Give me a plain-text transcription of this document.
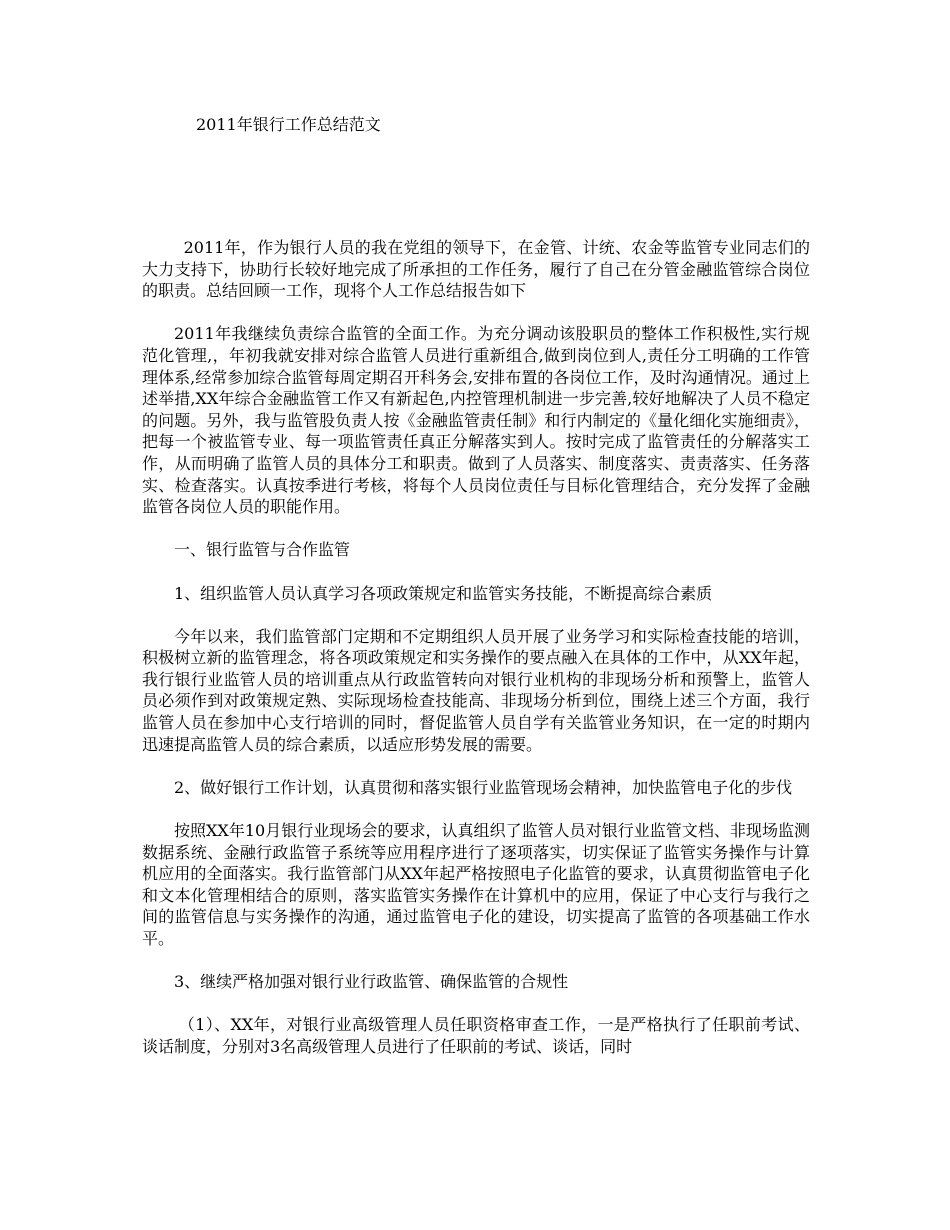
2011年银行工作总结范文

2011年，作为银行人员的我在党组的领导下，在金管、计统、农金等监管专业同志们的大力支持下，协助行长较好地完成了所承担的工作任务，履行了自己在分管金融监管综合岗位的职责。总结回顾一工作，现将个人工作总结报告如下

2011年我继续负责综合监管的全面工作。为充分调动该股职员的整体工作积极性,实行规范化管理,，年初我就安排对综合监管人员进行重新组合,做到岗位到人,责任分工明确的工作管理体系,经常参加综合监管每周定期召开科务会,安排布置的各岗位工作，及时沟通情况。通过上述举措,XX年综合金融监管工作又有新起色,内控管理机制进一步完善,较好地解决了人员不稳定的问题。另外，我与监管股负责人按《金融监管责任制》和行内制定的《量化细化实施细责》，把每一个被监管专业、每一项监管责任真正分解落实到人。按时完成了监管责任的分解落实工作，从而明确了监管人员的具体分工和职责。做到了人员落实、制度落实、责责落实、任务落实、检查落实。认真按季进行考核，将每个人员岗位责任与目标化管理结合，充分发挥了金融监管各岗位人员的职能作用。

一、银行监管与合作监管

1、组织监管人员认真学习各项政策规定和监管实务技能，不断提高综合素质

今年以来，我们监管部门定期和不定期组织人员开展了业务学习和实际检查技能的培训，积极树立新的监管理念，将各项政策规定和实务操作的要点融入在具体的工作中，从XX年起，我行银行业监管人员的培训重点从行政监管转向对银行业机构的非现场分析和预警上，监管人员必须作到对政策规定熟、实际现场检查技能高、非现场分析到位，围绕上述三个方面，我行监管人员在参加中心支行培训的同时，督促监管人员自学有关监管业务知识，在一定的时期内迅速提高监管人员的综合素质，以适应形势发展的需要。

2、做好银行工作计划，认真贯彻和落实银行业监管现场会精神，加快监管电子化的步伐

按照XX年10月银行业现场会的要求，认真组织了监管人员对银行业监管文档、非现场监测数据系统、金融行政监管子系统等应用程序进行了逐项落实，切实保证了监管实务操作与计算机应用的全面落实。我行监管部门从XX年起严格按照电子化监管的要求，认真贯彻监管电子化和文本化管理相结合的原则，落实监管实务操作在计算机中的应用，保证了中心支行与我行之间的监管信息与实务操作的沟通，通过监管电子化的建设，切实提高了监管的各项基础工作水平。

3、继续严格加强对银行业行政监管、确保监管的合规性

（1）、XX年，对银行业高级管理人员任职资格审查工作，一是严格执行了任职前考试、谈话制度，分别对3名高级管理人员进行了任职前的考试、谈话，同时
